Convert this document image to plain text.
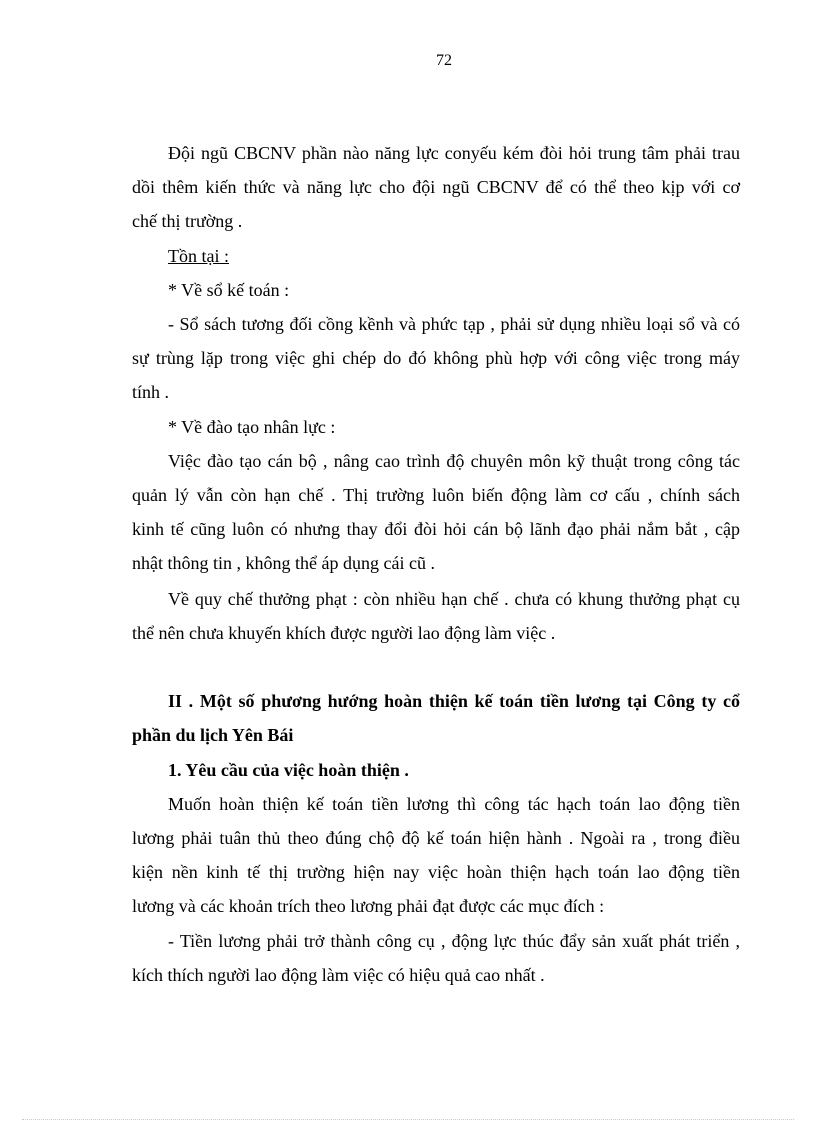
72
Đội ngũ CBCNV phần nào năng lực conyếu kém đòi hỏi trung tâm phải trau
dồi thêm kiến thức và năng lực cho đội ngũ CBCNV để có thể theo kịp với cơ
chế thị trường .
Tồn tại :
* Về sổ kế toán :
- Sổ sách tương đối cồng kềnh và phức tạp , phải sử dụng nhiều loại sổ và có
sự trùng lặp trong việc ghi chép do đó không phù hợp với công việc trong máy
tính .
* Về đào tạo nhân lực :
Việc đào tạo cán bộ , nâng cao trình độ chuyên môn kỹ thuật trong công tác
quản lý vẫn còn hạn chế . Thị trường luôn biến động làm cơ cấu , chính sách
kinh tế cũng luôn có nhưng thay đổi đòi hỏi cán bộ lãnh đạo phải nắm bắt , cập
nhật thông tin , không thể áp dụng cái cũ .
Về quy chế thưởng phạt : còn nhiều hạn chế . chưa có khung thưởng phạt cụ
thể nên chưa khuyến khích được người lao động làm việc .
II . Một số phương hướng hoàn thiện kế toán tiền lương tại Công ty cổ
phần du lịch Yên Bái
1. Yêu cầu của việc hoàn thiện .
Muốn hoàn thiện kế toán tiền lương thì công tác hạch toán lao động tiền
lương phải tuân thủ theo đúng chộ độ kế toán hiện hành . Ngoài ra , trong điều
kiện nền kinh tế thị trường hiện nay việc hoàn thiện hạch toán lao động tiền
lương và các khoản trích theo lương phải đạt được các mục đích :
- Tiền lương phải trở thành công cụ , động lực thúc đẩy sản xuất phát triển ,
kích thích người lao động làm việc có hiệu quả cao nhất .
